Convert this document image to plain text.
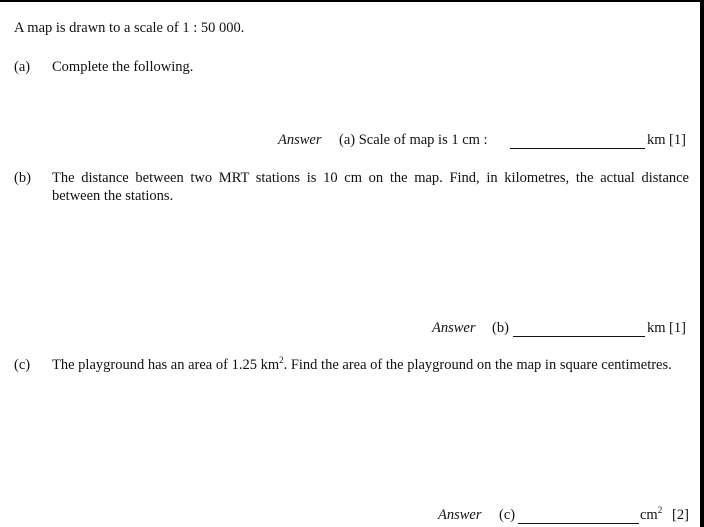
A map is drawn to a scale of 1 : 50 000.
(a) Complete the following.
Answer (a) Scale of map is 1 cm :	km [1]
(b) The distance between two MRT stations is 10 cm on the map. Find, in kilometres, the actual distance between the stations.
Answer (b)	km [1]
(c) The playground has an area of 1.25 $km^2$. Find the area of the playground on the map in square centimetres.
Answer (c)	$cm^2$ [2]
